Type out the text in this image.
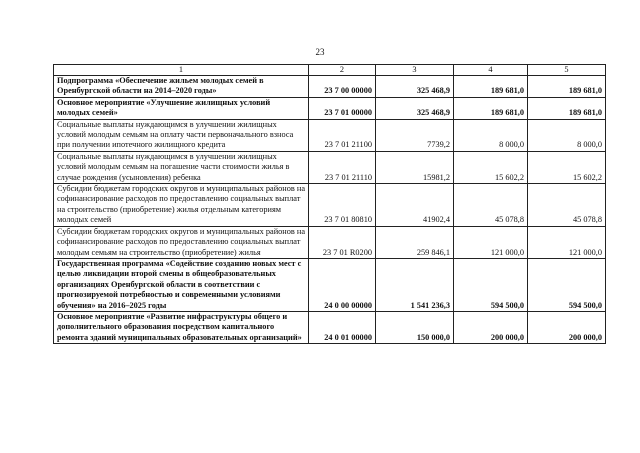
23
1	2	3	4	5
Подпрограмма «Обеспечение жильем молодых семей в Оренбургской области на 2014–2020 годы»	23 7 00 00000	325 468,9	189 681,0	189 681,0
Основное мероприятие «Улучшение жилищных условий молодых семей»	23 7 01 00000	325 468,9	189 681,0	189 681,0
Социальные выплаты нуждающимся в улучшении жилищных условий молодым семьям на оплату части первоначального взноса при получении ипотечного жилищного кредита	23 7 01 21100	7739,2	8 000,0	8 000,0
Социальные выплаты нуждающимся в улучшении жилищных условий молодым семьям на погашение части стоимости жилья в случае рождения (усыновления) ребенка	23 7 01 21110	15981,2	15 602,2	15 602,2
Субсидии бюджетам городских округов и муниципальных районов на софинансирование расходов по предоставлению социальных выплат на строительство (приобретение) жилья отдельным категориям молодых семей	23 7 01 80810	41902,4	45 078,8	45 078,8
Субсидии бюджетам городских округов и муниципальных районов на софинансирование расходов по предоставлению социальных выплат молодым семьям на строительство (приобретение) жилья	23 7 01 R0200	259 846,1	121 000,0	121 000,0
Государственная программа «Содействие созданию новых мест с целью ликвидации второй смены в общеобразовательных организациях Оренбургской области в соответствии с прогнозируемой потребностью и современными условиями обучения» на 2016–2025 годы	24 0 00 00000	1 541 236,3	594 500,0	594 500,0
Основное мероприятие «Развитие инфраструктуры общего и дополнительного образования посредством капитального ремонта зданий муниципальных образовательных организаций»	24 0 01 00000	150 000,0	200 000,0	200 000,0
